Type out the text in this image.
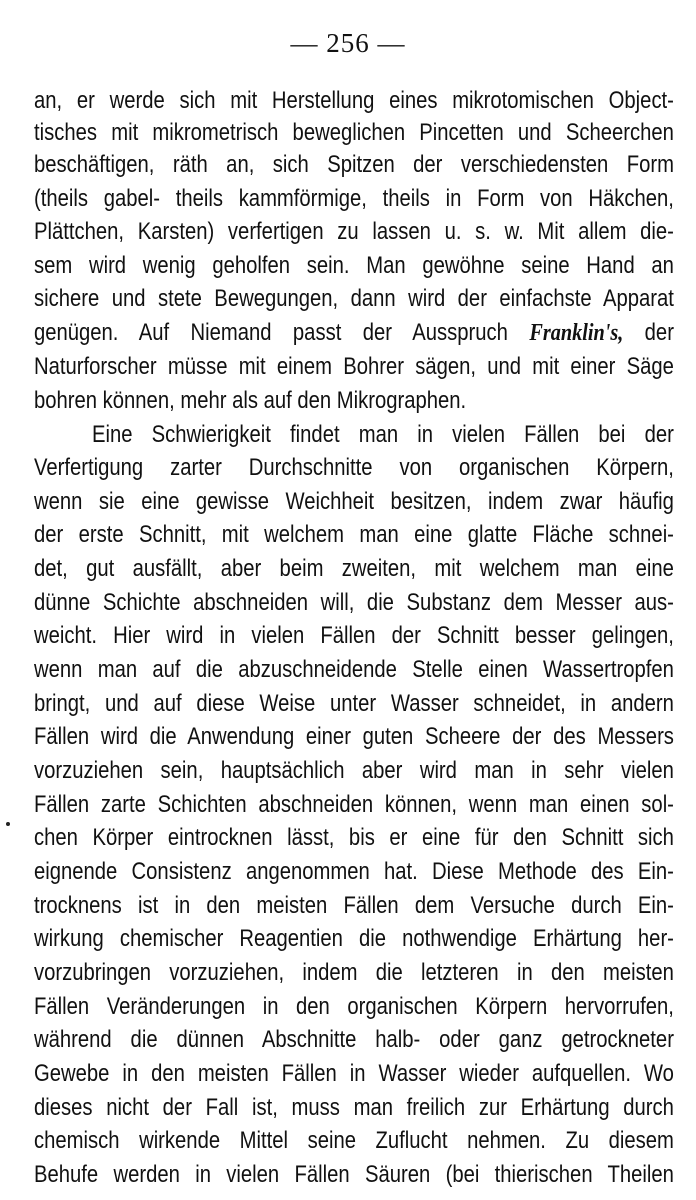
— 256 —
an, er werde sich mit Herstellung eines mikrotomischen Object-
tisches mit mikrometrisch beweglichen Pincetten und Scheerchen
beschäftigen, räth an, sich Spitzen der verschiedensten Form
(theils gabel- theils kammförmige, theils in Form von Häkchen,
Plättchen, Karsten) verfertigen zu lassen u. s. w. Mit allem die-
sem wird wenig geholfen sein. Man gewöhne seine Hand an
sichere und stete Bewegungen, dann wird der einfachste Apparat
genügen. Auf Niemand passt der Ausspruch Franklin's, der
Naturforscher müsse mit einem Bohrer sägen, und mit einer Säge
bohren können, mehr als auf den Mikrographen.
Eine Schwierigkeit findet man in vielen Fällen bei der
Verfertigung zarter Durchschnitte von organischen Körpern,
wenn sie eine gewisse Weichheit besitzen, indem zwar häufig
der erste Schnitt, mit welchem man eine glatte Fläche schnei-
det, gut ausfällt, aber beim zweiten, mit welchem man eine
dünne Schichte abschneiden will, die Substanz dem Messer aus-
weicht. Hier wird in vielen Fällen der Schnitt besser gelingen,
wenn man auf die abzuschneidende Stelle einen Wassertropfen
bringt, und auf diese Weise unter Wasser schneidet, in andern
Fällen wird die Anwendung einer guten Scheere der des Messers
vorzuziehen sein, hauptsächlich aber wird man in sehr vielen
Fällen zarte Schichten abschneiden können, wenn man einen sol-
chen Körper eintrocknen lässt, bis er eine für den Schnitt sich
eignende Consistenz angenommen hat. Diese Methode des Ein-
trocknens ist in den meisten Fällen dem Versuche durch Ein-
wirkung chemischer Reagentien die nothwendige Erhärtung her-
vorzubringen vorzuziehen, indem die letzteren in den meisten
Fällen Veränderungen in den organischen Körpern hervorrufen,
während die dünnen Abschnitte halb- oder ganz getrockneter
Gewebe in den meisten Fällen in Wasser wieder aufquellen. Wo
dieses nicht der Fall ist, muss man freilich zur Erhärtung durch
chemisch wirkende Mittel seine Zuflucht nehmen. Zu diesem
Behufe werden in vielen Fällen Säuren (bei thierischen Theilen
